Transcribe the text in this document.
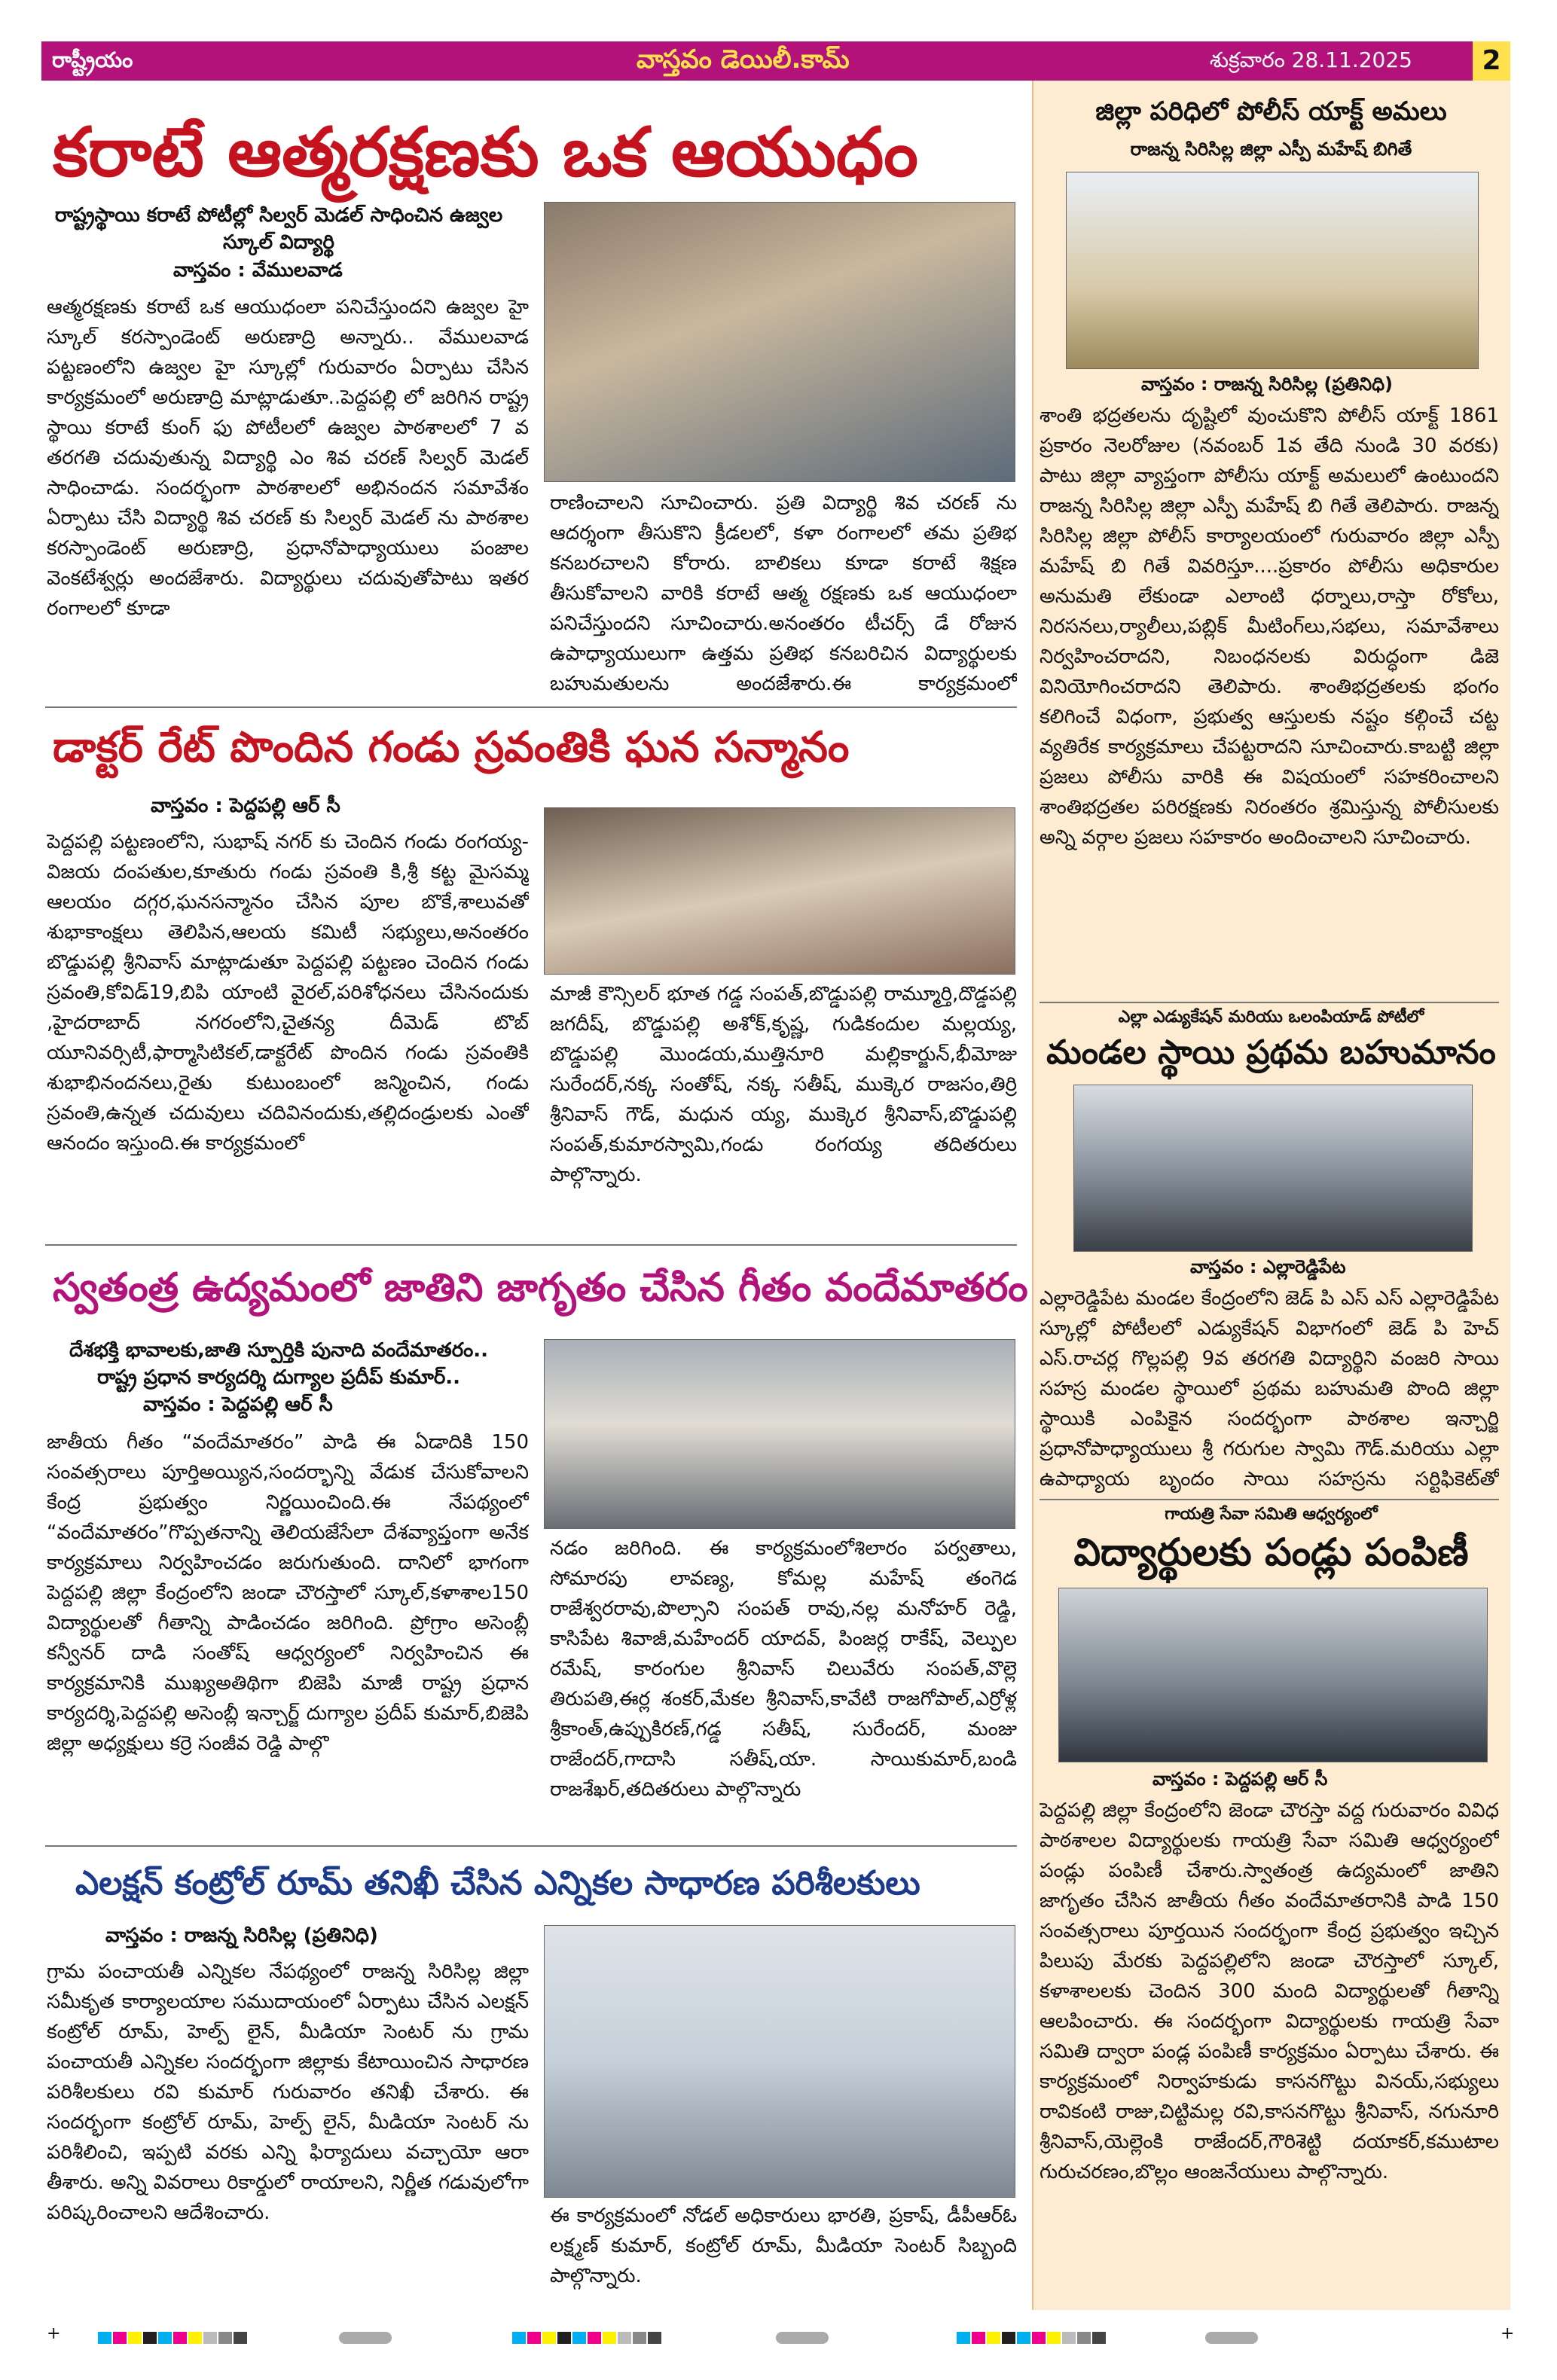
రాష్ట్రీయం	వాస్తవం డెయిలీ.కామ్	శుక్రవారం 28.11.2025	2
కరాటే ఆత్మరక్షణకు ఒక ఆయుధం
రాష్ట్రస్థాయి కరాటే పోటీల్లో సిల్వర్ మెడల్ సాధించిన ఉజ్వల స్కూల్ విద్యార్థి
వాస్తవం : వేములవాడ
ఆత్మరక్షణకు కరాటే ఒక ఆయుధంలా పనిచేస్తుందని ఉజ్వల హై స్కూల్ కరస్పాండెంట్ అరుణాద్రి అన్నారు.. వేములవాడ పట్టణంలోని ఉజ్వల హై స్కూల్లో గురువారం ఏర్పాటు చేసిన కార్యక్రమంలో అరుణాద్రి మాట్లాడుతూ..పెద్దపల్లి లో జరిగిన రాష్ట్ర స్థాయి కరాటే కుంగ్ ఫు పోటీలలో ఉజ్వల పాఠశాలలో 7 వ తరగతి చదువుతున్న విద్యార్థి ఎం శివ చరణ్ సిల్వర్ మెడల్ సాధించాడు. సందర్భంగా పాఠశాలలో అభినందన సమావేశం ఏర్పాటు చేసి విద్యార్థి శివ చరణ్ కు సిల్వర్ మెడల్ ను పాఠశాల కరస్పాండెంట్ అరుణాద్రి, ప్రధానోపాధ్యాయులు పంజాల వెంకటేశ్వర్లు అందజేశారు. విద్యార్థులు చదువుతోపాటు ఇతర రంగాలలో కూడా
రాణించాలని సూచించారు. ప్రతి విద్యార్థి శివ చరణ్ ను ఆదర్శంగా తీసుకొని క్రీడలలో, కళా రంగాలలో తమ ప్రతిభ కనబరచాలని కోరారు. బాలికలు కూడా కరాటే శిక్షణ తీసుకోవాలని వారికి కరాటే ఆత్మ రక్షణకు ఒక ఆయుధంలా పనిచేస్తుందని సూచించారు.అనంతరం టీచర్స్ డే రోజున ఉపాధ్యాయులుగా ఉత్తమ ప్రతిభ కనబరిచిన విద్యార్థులకు బహుమతులను అందజేశారు.ఈ కార్యక్రమంలో
డాక్టర్ రేట్ పొందిన గండు స్రవంతికి ఘన సన్మానం
వాస్తవం : పెద్దపల్లి ఆర్ సీ
పెద్దపల్లి పట్టణంలోని, సుభాష్ నగర్ కు చెందిన గండు రంగయ్య- విజయ దంపతుల,కూతురు గండు స్రవంతి కి,శ్రీ కట్ట మైసమ్మ ఆలయం దగ్గర,ఘనసన్మానం చేసిన పూల బొకే,శాలువతో శుభాకాంక్షలు తెలిపిన,ఆలయ కమిటీ సభ్యులు,అనంతరం బొడ్డుపల్లి శ్రీనివాస్ మాట్లాడుతూ పెద్దపల్లి పట్టణం చెందిన గండు స్రవంతి,కోవిడ్19,బిపి యాంటి వైరల్,పరిశోధనలు చేసినందుకు ,హైదరాబాద్ నగరంలోని,చైతన్య దీమెడ్ టొబ్ యూనివర్సిటీ,ఫార్మాసిటికల్,డాక్టరేట్ పొందిన గండు స్రవంతికి శుభాభినందనలు,రైతు కుటుంబంలో జన్మించిన, గండు స్రవంతి,ఉన్నత చదువులు చదివినందుకు,తల్లిదండ్రులకు ఎంతో ఆనందం ఇస్తుంది.ఈ కార్యక్రమంలో
మాజీ కౌన్సిలర్ భూత గడ్డ సంపత్,బొడ్డుపల్లి రామ్మూర్తి,దొడ్డపల్లి జగదీష్, బొడ్డుపల్లి అశోక్,కృష్ణ, గుడికందుల మల్లయ్య, బొడ్డుపల్లి మొండయ,ముత్తినూరి మల్లికార్జున్,భీమోజు సురేందర్,నక్క సంతోష్, నక్క సతీష్, ముక్కెర రాజసం,తిర్రి శ్రీనివాస్ గౌడ్, మధున య్య, ముక్కెర శ్రీనివాస్,బొడ్డుపల్లి సంపత్,కుమారస్వామి,గండు రంగయ్య తదితరులు పాల్గొన్నారు.
స్వతంత్ర ఉద్యమంలో జాతిని జాగృతం చేసిన గీతం వందేమాతరం
దేశభక్తి భావాలకు,జాతి స్పూర్తికి పునాది వందేమాతరం.. రాష్ట్ర ప్రధాన కార్యదర్శి దుగ్యాల ప్రదీప్ కుమార్..
వాస్తవం : పెద్దపల్లి ఆర్ సీ
జాతీయ గీతం “వందేమాతరం” పాడి ఈ ఏడాదికి 150 సంవత్సరాలు పూర్తిఅయ్యిన,సందర్భాన్ని వేడుక చేసుకోవాలని కేంద్ర ప్రభుత్వం నిర్ణయించింది.ఈ నేపథ్యంలో “వందేమాతరం”గొప్పతనాన్ని తెలియజేసేలా దేశవ్యాప్తంగా అనేక కార్యక్రమాలు నిర్వహించడం జరుగుతుంది. దానిలో భాగంగా పెద్దపల్లి జిల్లా కేంద్రంలోని జండా చౌరస్తాలో స్కూల్,కళాశాల150 విద్యార్థులతో గీతాన్ని పాడించడం జరిగింది. ప్రోగ్రాం అసెంబ్లీ కన్వీనర్ దాడి సంతోష్ ఆధ్వర్యంలో నిర్వహించిన ఈ కార్యక్రమానికి ముఖ్యఅతిథిగా బిజెపి మాజీ రాష్ట్ర ప్రధాన కార్యదర్శి,పెద్దపల్లి అసెంబ్లీ ఇన్చార్జ్ దుగ్యాల ప్రదీప్ కుమార్,బిజెపి జిల్లా అధ్యక్షులు కర్రె సంజీవ రెడ్డి పాల్గొ
నడం జరిగింది. ఈ కార్యక్రమంలోశిలారం పర్వతాలు, సోమారపు లావణ్య, కోమల్ల మహేష్ తంగెడ రాజేశ్వరరావు,పొల్సాని సంపత్ రావు,నల్ల మనోహర్ రెడ్డి, కాసిపేట శివాజీ,మహేందర్ యాదవ్, పింజర్ల రాకేష్, వెల్పుల రమేష్, కారంగుల శ్రీనివాస్ చిలువేరు సంపత్,వొల్లె తిరుపతి,ఈర్ల శంకర్,మేకల శ్రీనివాస్,కావేటి రాజగోపాల్,ఎర్రోళ్ల శ్రీకాంత్,ఉప్పుకిరణ్,గడ్డ సతీష్, సురేందర్, మంజు రాజేందర్,గాదాసి సతీష్,యా. సాయికుమార్,బండి రాజశేఖర్,తదితరులు పాల్గొన్నారు
ఎలక్షన్ కంట్రోల్ రూమ్ తనిఖీ చేసిన ఎన్నికల సాధారణ పరిశీలకులు
వాస్తవం : రాజన్న సిరిసిల్ల (ప్రతినిధి)
గ్రామ పంచాయతీ ఎన్నికల నేపథ్యంలో రాజన్న సిరిసిల్ల జిల్లా సమీకృత కార్యాలయాల సముదాయంలో ఏర్పాటు చేసిన ఎలక్షన్ కంట్రోల్ రూమ్, హెల్ప్ లైన్, మీడియా సెంటర్ ను గ్రామ పంచాయతీ ఎన్నికల సందర్భంగా జిల్లాకు కేటాయించిన సాధారణ పరిశీలకులు రవి కుమార్ గురువారం తనిఖీ చేశారు. ఈ సందర్భంగా కంట్రోల్ రూమ్, హెల్ప్ లైన్, మీడియా సెంటర్ ను పరిశీలించి, ఇప్పటి వరకు ఎన్ని ఫిర్యాదులు వచ్చాయో ఆరా తీశారు. అన్ని వివరాలు రికార్డులో రాయాలని, నిర్ణీత గడువులోగా పరిష్కరించాలని ఆదేశించారు.	ఈ కార్యక్రమంలో నోడల్ అధికారులు భారతి, ప్రకాష్, డీపీఆర్ఓ లక్ష్మణ్ కుమార్, కంట్రోల్ రూమ్, మీడియా సెంటర్ సిబ్బంది పాల్గొన్నారు.
జిల్లా పరిధిలో పోలీస్ యాక్ట్ అమలు
రాజన్న సిరిసిల్ల జిల్లా ఎస్పీ మహేష్ బిగితే
వాస్తవం : రాజన్న సిరిసిల్ల (ప్రతినిధి)
శాంతి భద్రతలను దృష్టిలో వుంచుకొని పోలీస్ యాక్ట్ 1861 ప్రకారం నెలరోజుల (నవంబర్ 1వ తేది నుండి 30 వరకు) పాటు జిల్లా వ్యాప్తంగా పోలీసు యాక్ట్ అమలులో ఉంటుందని రాజన్న సిరిసిల్ల జిల్లా ఎస్పీ మహేష్ బి గితే తెలిపారు. రాజన్న సిరిసిల్ల జిల్లా పోలీస్ కార్యాలయంలో గురువారం జిల్లా ఎస్పీ మహేష్ బి గితే వివరిస్తూ....ప్రకారం పోలీసు అధికారుల అనుమతి లేకుండా ఎలాంటి ధర్నాలు,రాస్తా రోకోలు, నిరసనలు,ర్యాలీలు,పబ్లిక్ మీటింగ్‌లు,సభలు, సమావేశాలు నిర్వహించరాదని, నిబంధనలకు విరుద్ధంగా డిజె వినియోగించరాదని తెలిపారు. శాంతిభద్రతలకు భంగం కలిగించే విధంగా, ప్రభుత్వ ఆస్తులకు నష్టం కల్గించే చట్ట వ్యతిరేక కార్యక్రమాలు చేపట్టరాదని సూచించారు.కాబట్టి జిల్లా ప్రజలు పోలీసు వారికి ఈ విషయంలో సహకరించాలని శాంతిభద్రతల పరిరక్షణకు నిరంతరం శ్రమిస్తున్న పోలీసులకు అన్ని వర్గాల ప్రజలు సహకారం అందించాలని సూచించారు.
ఎల్లా ఎడ్యుకేషన్ మరియు ఒలంపియాడ్ పోటీలో
మండల స్థాయి ప్రథమ బహుమానం
వాస్తవం : ఎల్లారెడ్డిపేట
ఎల్లారెడ్డిపేట మండల కేంద్రంలోని జెడ్ పి ఎస్ ఎస్ ఎల్లారెడ్డిపేట స్కూల్లో పోటీలలో ఎడ్యుకేషన్ విభాగంలో జెడ్ పి హెచ్ ఎస్.రాచర్ల గొల్లపల్లి 9వ తరగతి విద్యార్థిని వంజరి సాయి సహస్ర మండల స్థాయిలో ప్రథమ బహుమతి పొంది జిల్లా స్థాయికి ఎంపికైన సందర్భంగా పాఠశాల ఇన్చార్జి ప్రధానోపాధ్యాయులు శ్రీ గరుగుల స్వామి గౌడ్.మరియు ఎల్లా ఉపాధ్యాయ బృందం సాయి సహస్రను సర్టిఫికెట్‌తో
గాయత్రి సేవా సమితి ఆధ్వర్యంలో
విద్యార్థులకు పండ్లు పంపిణీ
వాస్తవం : పెద్దపల్లి ఆర్ సీ
పెద్దపల్లి జిల్లా కేంద్రంలోని జెండా చౌరస్తా వద్ద గురువారం వివిధ పాఠశాలల విద్యార్థులకు గాయత్రి సేవా సమితి ఆధ్వర్యంలో పండ్లు పంపిణీ చేశారు.స్వాతంత్ర ఉద్యమంలో జాతిని జాగృతం చేసిన జాతీయ గీతం వందేమాతరానికి పాడి 150 సంవత్సరాలు పూర్తయిన సందర్భంగా కేంద్ర ప్రభుత్వం ఇచ్చిన పిలుపు మేరకు పెద్దపల్లిలోని జండా చౌరస్తాలో స్కూల్, కళాశాలలకు చెందిన 300 మంది విద్యార్థులతో గీతాన్ని ఆలపించారు. ఈ సందర్భంగా విద్యార్థులకు గాయత్రి సేవా సమితి ద్వారా పండ్ల పంపిణీ కార్యక్రమం ఏర్పాటు చేశారు. ఈ కార్యక్రమంలో నిర్వాహకుడు కాసనగొట్టు వినయ్,సభ్యులు రావికంటి రాజు,చిట్టిమల్ల రవి,కాసనగొట్టు శ్రీనివాస్, నగునూరి శ్రీనివాస్,యెల్లెంకి రాజేందర్,గౌరిశెట్టి దయాకర్,కముటాల గురుచరణం,బొల్లం ఆంజనేయులు పాల్గొన్నారు.
+	+
